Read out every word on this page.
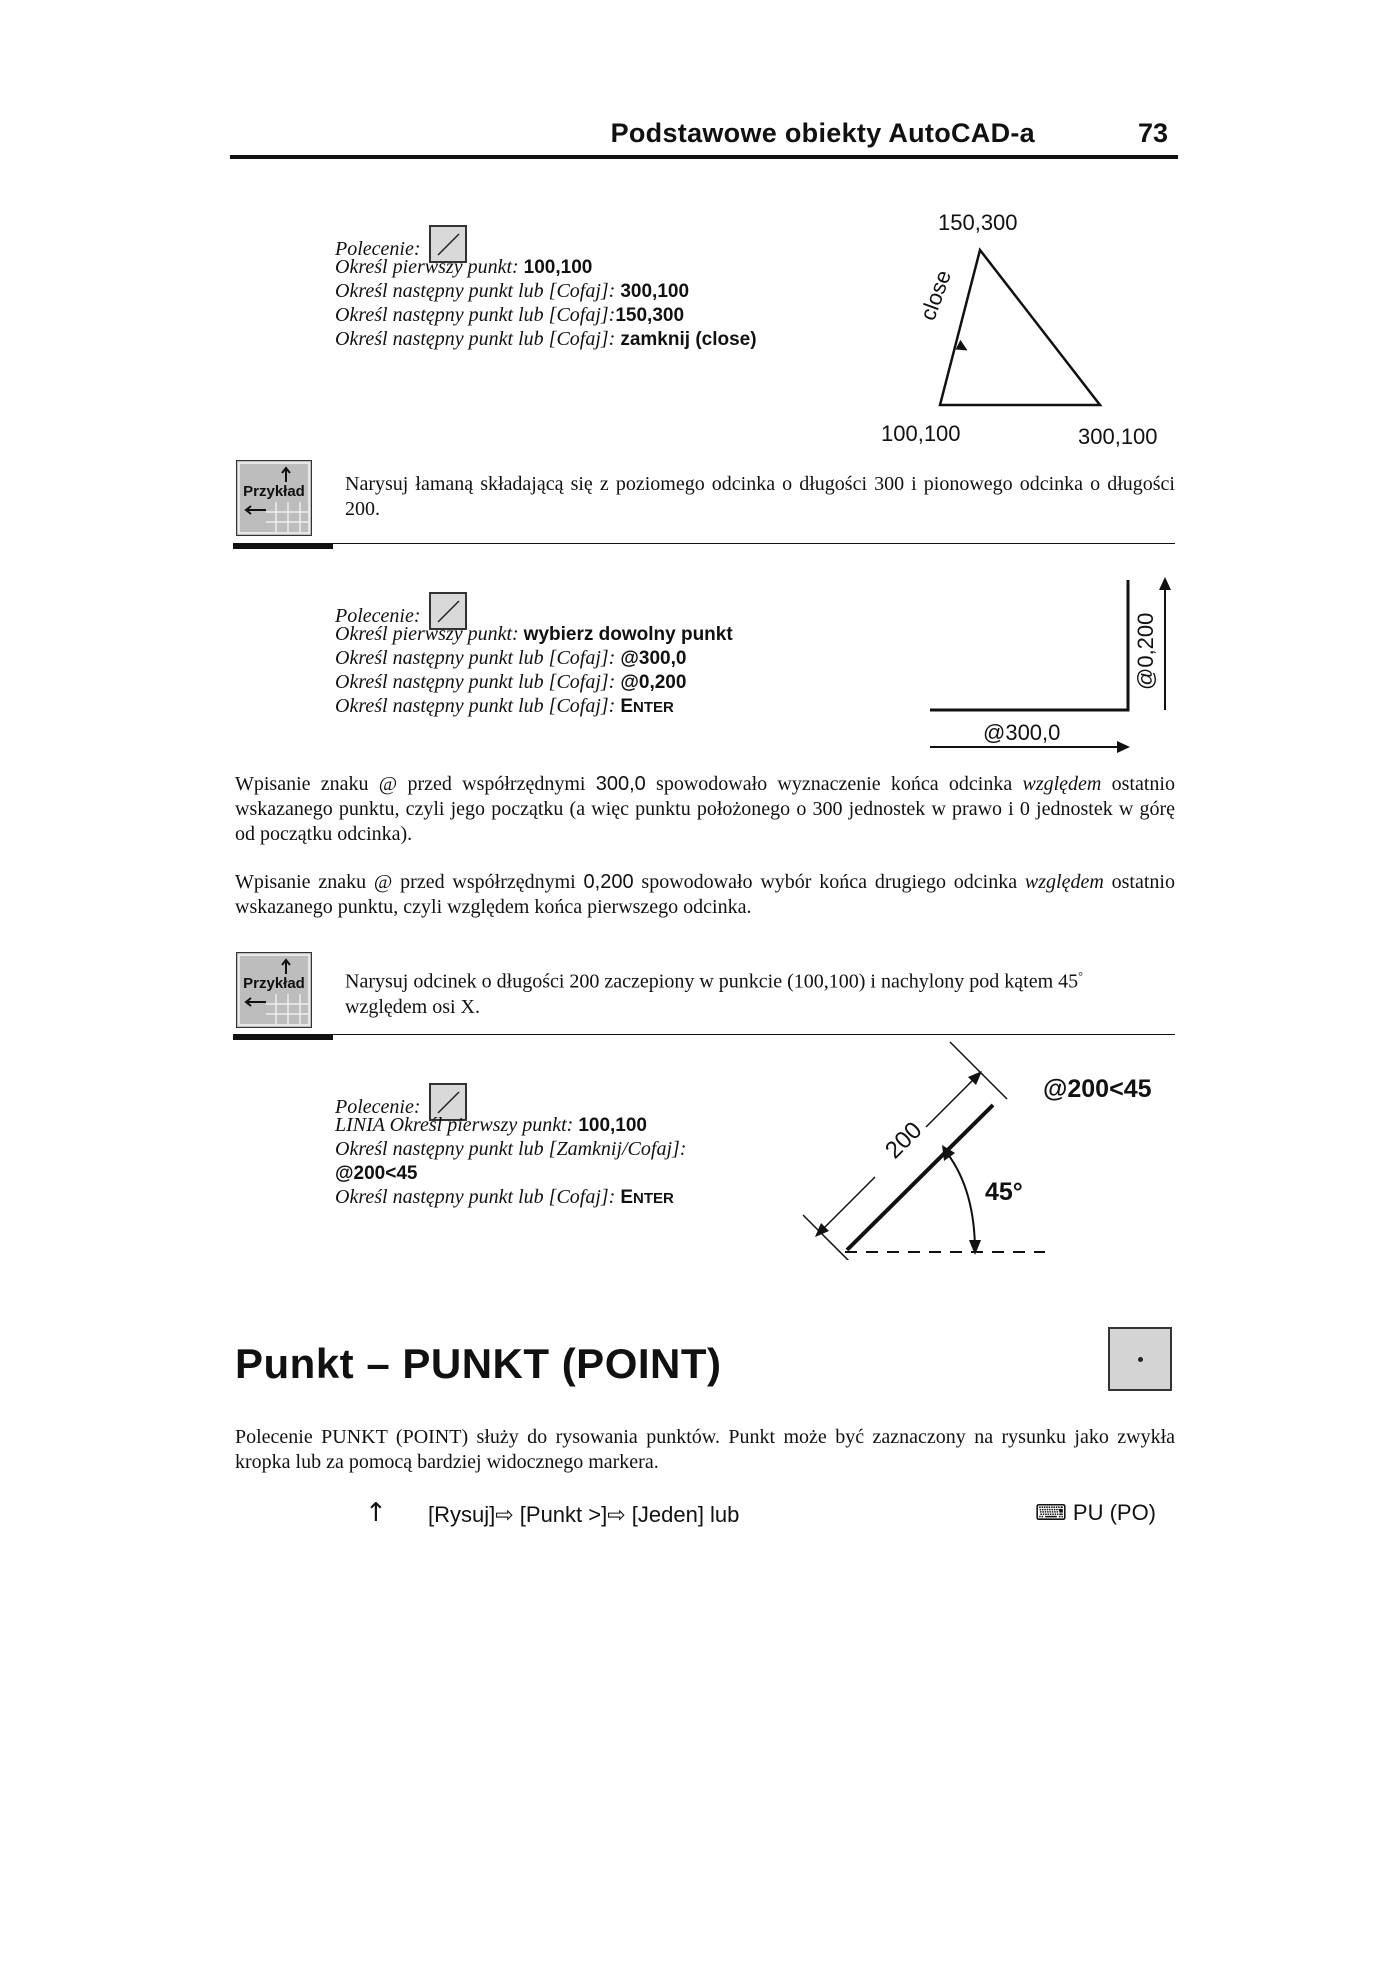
Podstawowe obiekty AutoCAD-a	73
Polecenie:
Określ pierwszy punkt: 100,100
Określ następny punkt lub [Cofaj]: 300,100
Określ następny punkt lub [Cofaj]:150,300
Określ następny punkt lub [Cofaj]: zamknij (close)
150,300
100,100	300,100
close
Przykład Narysuj łamaną składającą się z poziomego odcinka o długości 300 i pionowego odcinka o długości 200.
Polecenie:
Określ pierwszy punkt: wybierz dowolny punkt
Określ następny punkt lub [Cofaj]: @300,0
Określ następny punkt lub [Cofaj]: @0,200
Określ następny punkt lub [Cofaj]: ENTER
@300,0
@0,200
Wpisanie znaku @ przed współrzędnymi 300,0 spowodowało wyznaczenie końca odcinka względem ostatnio wskazanego punktu, czyli jego początku (a więc punktu położonego o 300 jednostek w prawo i 0 jednostek w górę od początku odcinka).
Wpisanie znaku @ przed współrzędnymi 0,200 spowodowało wybór końca drugiego odcinka względem ostatnio wskazanego punktu, czyli względem końca pierwszego odcinka.
Przykład Narysuj odcinek o długości 200 zaczepiony w punkcie (100,100) i nachylony pod kątem 45°
względem osi X.
Polecenie:
LINIA Określ pierwszy punkt: 100,100
Określ następny punkt lub [Zamknij/Cofaj]:
@200<45
Określ następny punkt lub [Cofaj]: ENTER
200
@200<45
45°
Punkt – PUNKT (POINT)
Polecenie PUNKT (POINT) służy do rysowania punktów. Punkt może być zaznaczony na rysunku jako zwykła kropka lub za pomocą bardziej widocznego markera.
↑ [Rysuj]⇨ [Punkt >]⇨ [Jeden] lub	⌨ PU (PO)
